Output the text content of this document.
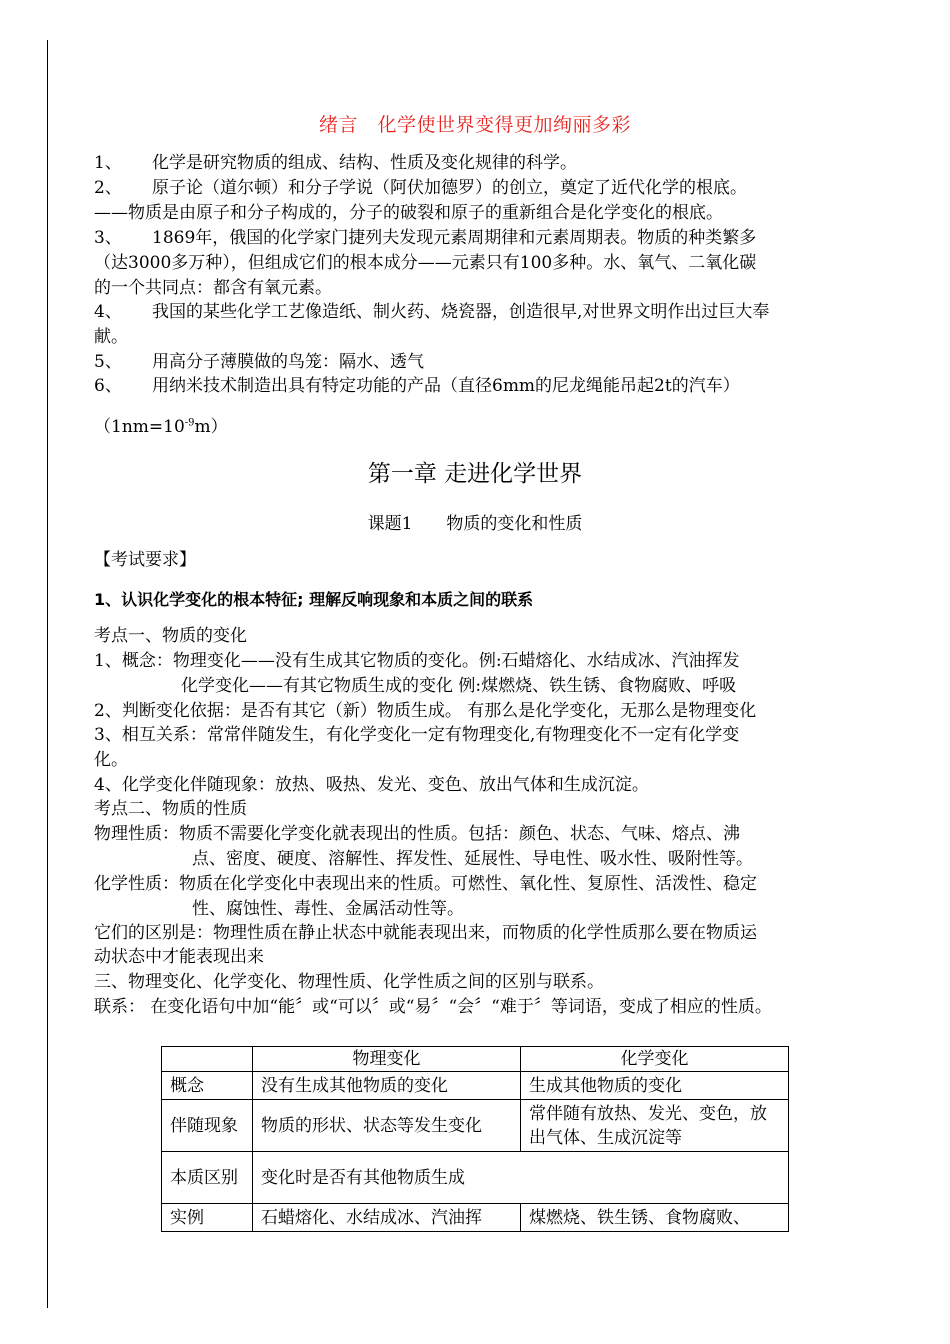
绪言　化学使世界变得更加绚丽多彩
1、 化学是研究物质的组成、结构、性质及变化规律的科学。
2、 原子论（道尔顿）和分子学说（阿伏加德罗）的创立，奠定了近代化学的根底。
——物质是由原子和分子构成的，分子的破裂和原子的重新组合是化学变化的根底。
3、 1869年，俄国的化学家门捷列夫发现元素周期律和元素周期表。物质的种类繁多
（达3000多万种），但组成它们的根本成分——元素只有100多种。水、氧气、二氧化碳
的一个共同点：都含有氧元素。
4、 我国的某些化学工艺像造纸、制火药、烧瓷器，创造很早,对世界文明作出过巨大奉
献。
5、 用高分子薄膜做的鸟笼：隔水、透气
6、 用纳米技术制造出具有特定功能的产品（直径6mm的尼龙绳能吊起2t的汽车）
$(1nm=10^{-9}m)$
第一章 走进化学世界
课题1　　物质的变化和性质
【考试要求】
1、认识化学变化的根本特征; 理解反响现象和本质之间的联系
考点一、物质的变化
1、概念：物理变化——没有生成其它物质的变化。例:石蜡熔化、水结成冰、汽油挥发
化学变化——有其它物质生成的变化 例:煤燃烧、铁生锈、食物腐败、呼吸
2、判断变化依据：是否有其它（新）物质生成。 有那么是化学变化，无那么是物理变化
3、相互关系：常常伴随发生，有化学变化一定有物理变化,有物理变化不一定有化学变
化。
4、化学变化伴随现象：放热、吸热、发光、变色、放出气体和生成沉淀。
考点二、物质的性质
物理性质：物质不需要化学变化就表现出的性质。包括：颜色、状态、气味、熔点、沸
点、密度、硬度、溶解性、挥发性、延展性、导电性、吸水性、吸附性等。
化学性质：物质在化学变化中表现出来的性质。可燃性、氧化性、复原性、活泼性、稳定
性、腐蚀性、毒性、金属活动性等。
它们的区别是：物理性质在静止状态中就能表现出来，而物质的化学性质那么要在物质运
动状态中才能表现出来
三、物理变化、化学变化、物理性质、化学性质之间的区别与联系。
联系： 在变化语句中加“能〞或“可以〞或“易〞“会〞“难于〞等词语，变成了相应的性质。
	物理变化	化学变化
概念	没有生成其他物质的变化	生成其他物质的变化
伴随现象	物质的形状、状态等发生变化	常伴随有放热、发光、变色，放出气体、生成沉淀等
本质区别	变化时是否有其他物质生成	
实例	石蜡熔化、水结成冰、汽油挥	煤燃烧、铁生锈、食物腐败、
